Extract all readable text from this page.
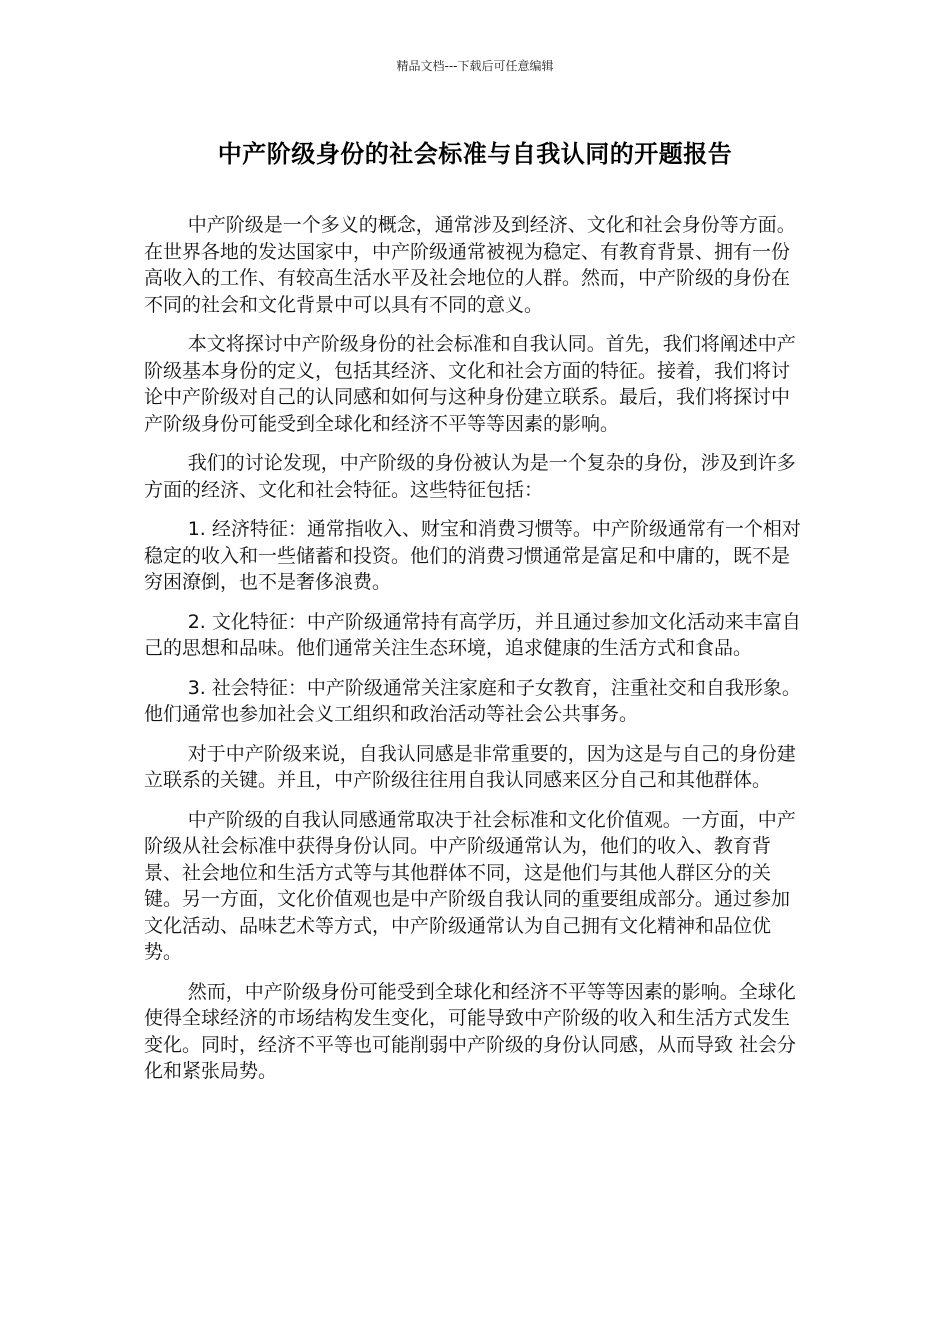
精品文档---下载后可任意编辑
中产阶级身份的社会标准与自我认同的开题报告

中产阶级是一个多义的概念，通常涉及到经济、文化和社会身份等方面。在世界各地的发达国家中，中产阶级通常被视为稳定、有教育背景、拥有一份高收入的工作、有较高生活水平及社会地位的人群。然而，中产阶级的身份在不同的社会和文化背景中可以具有不同的意义。

本文将探讨中产阶级身份的社会标准和自我认同。首先，我们将阐述中产阶级基本身份的定义，包括其经济、文化和社会方面的特征。接着，我们将讨论中产阶级对自己的认同感和如何与这种身份建立联系。最后，我们将探讨中产阶级身份可能受到全球化和经济不平等等因素的影响。

我们的讨论发现，中产阶级的身份被认为是一个复杂的身份，涉及到许多方面的经济、文化和社会特征。这些特征包括：

1. 经济特征：通常指收入、财宝和消费习惯等。中产阶级通常有一个相对稳定的收入和一些储蓄和投资。他们的消费习惯通常是富足和中庸的，既不是穷困潦倒，也不是奢侈浪费。

2. 文化特征：中产阶级通常持有高学历，并且通过参加文化活动来丰富自己的思想和品味。他们通常关注生态环境，追求健康的生活方式和食品。

3. 社会特征：中产阶级通常关注家庭和子女教育，注重社交和自我形象。他们通常也参加社会义工组织和政治活动等社会公共事务。

对于中产阶级来说，自我认同感是非常重要的，因为这是与自己的身份建立联系的关键。并且，中产阶级往往用自我认同感来区分自己和其他群体。

中产阶级的自我认同感通常取决于社会标准和文化价值观。一方面，中产阶级从社会标准中获得身份认同。中产阶级通常认为，他们的收入、教育背景、社会地位和生活方式等与其他群体不同，这是他们与其他人群区分的关键。另一方面，文化价值观也是中产阶级自我认同的重要组成部分。通过参加文化活动、品味艺术等方式，中产阶级通常认为自己拥有文化精神和品位优势。

然而，中产阶级身份可能受到全球化和经济不平等等因素的影响。全球化使得全球经济的市场结构发生变化，可能导致中产阶级的收入和生活方式发生变化。同时，经济不平等也可能削弱中产阶级的身份认同感，从而导致 社会分化和紧张局势。
